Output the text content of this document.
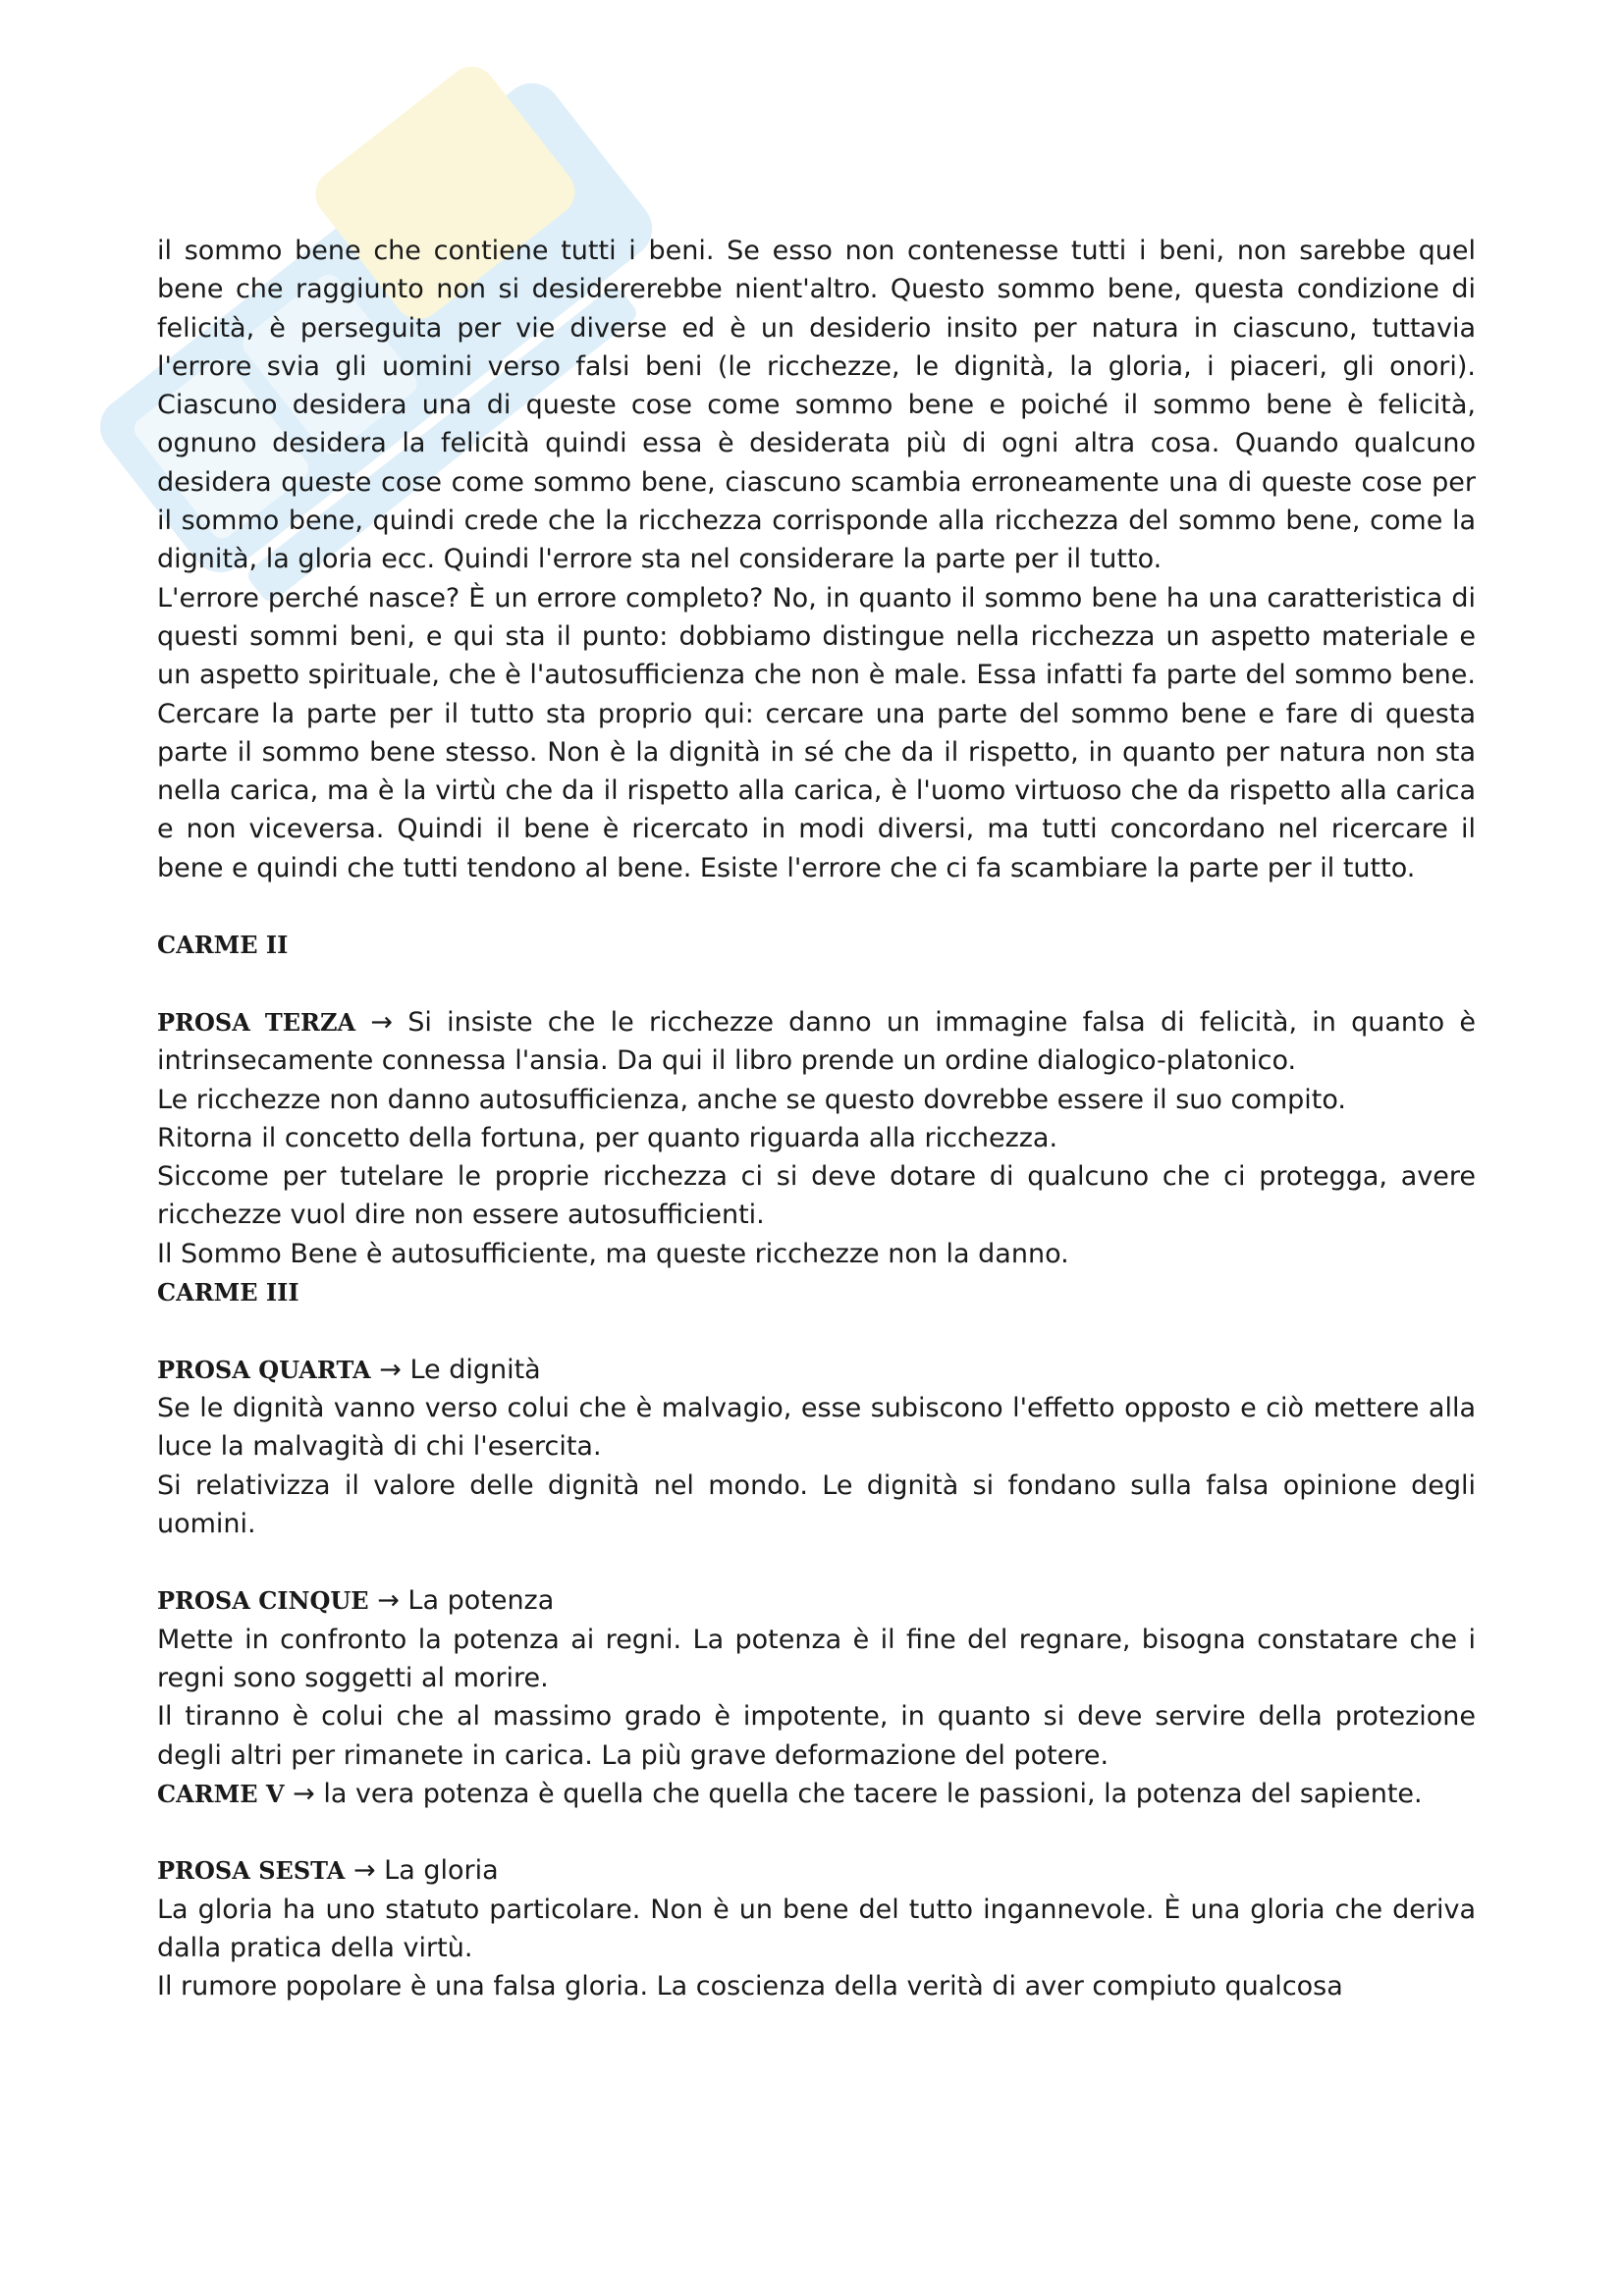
il sommo bene che contiene tutti i beni. Se esso non contenesse tutti i beni, non sarebbe quel bene che raggiunto non si desidererebbe nient'altro. Questo sommo bene, questa condizione di felicità, è perseguita per vie diverse ed è un desiderio insito per natura in ciascuno, tuttavia l'errore svia gli uomini verso falsi beni (le ricchezze, le dignità, la gloria, i piaceri, gli onori). Ciascuno desidera una di queste cose come sommo bene e poiché il sommo bene è felicità, ognuno desidera la felicità quindi essa è desiderata più di ogni altra cosa. Quando qualcuno desidera queste cose come sommo bene, ciascuno scambia erroneamente una di queste cose per il sommo bene, quindi crede che la ricchezza corrisponde alla ricchezza del sommo bene, come la dignità, la gloria ecc. Quindi l'errore sta nel considerare la parte per il tutto.

L'errore perché nasce? È un errore completo? No, in quanto il sommo bene ha una caratteristica di questi sommi beni, e qui sta il punto: dobbiamo distingue nella ricchezza un aspetto materiale e un aspetto spirituale, che è l'autosufficienza che non è male. Essa infatti fa parte del sommo bene. Cercare la parte per il tutto sta proprio qui: cercare una parte del sommo bene e fare di questa parte il sommo bene stesso. Non è la dignità in sé che da il rispetto, in quanto per natura non sta nella carica, ma è la virtù che da il rispetto alla carica, è l'uomo virtuoso che da rispetto alla carica e non viceversa. Quindi il bene è ricercato in modi diversi, ma tutti concordano nel ricercare il bene e quindi che tutti tendono al bene. Esiste l'errore che ci fa scambiare la parte per il tutto.

CARME II

PROSA TERZA → Si insiste che le ricchezze danno un immagine falsa di felicità, in quanto è intrinsecamente connessa l'ansia. Da qui il libro prende un ordine dialogico-platonico.

Le ricchezze non danno autosufficienza, anche se questo dovrebbe essere il suo compito.

Ritorna il concetto della fortuna, per quanto riguarda alla ricchezza.

Siccome per tutelare le proprie ricchezza ci si deve dotare di qualcuno che ci protegga, avere ricchezze vuol dire non essere autosufficienti.

Il Sommo Bene è autosufficiente, ma queste ricchezze non la danno.

CARME III

PROSA QUARTA → Le dignità

Se le dignità vanno verso colui che è malvagio, esse subiscono l'effetto opposto e ciò mettere alla luce la malvagità di chi l'esercita.

Si relativizza il valore delle dignità nel mondo. Le dignità si fondano sulla falsa opinione degli uomini.

PROSA CINQUE → La potenza

Mette in confronto la potenza ai regni. La potenza è il fine del regnare, bisogna constatare che i regni sono soggetti al morire.

Il tiranno è colui che al massimo grado è impotente, in quanto si deve servire della protezione degli altri per rimanete in carica. La più grave deformazione del potere.

CARME V → la vera potenza è quella che quella che tacere le passioni, la potenza del sapiente.

PROSA SESTA → La gloria

La gloria ha uno statuto particolare. Non è un bene del tutto ingannevole. È una gloria che deriva dalla pratica della virtù.

Il rumore popolare è una falsa gloria. La coscienza della verità di aver compiuto qualcosa
